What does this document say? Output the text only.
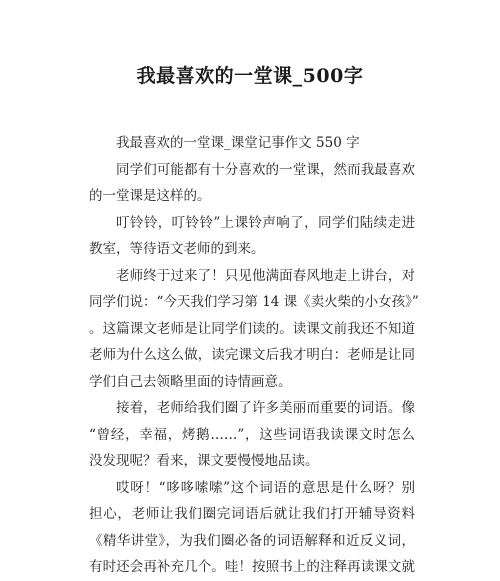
我最喜欢的一堂课_500字
我最喜欢的一堂课_课堂记事作文 550 字
同学们可能都有十分喜欢的一堂课，然而我最喜欢
的一堂课是这样的。
叮铃铃，叮铃铃”上课铃声响了，同学们陆续走进
教室，等待语文老师的到来。
老师终于过来了！只见他满面春风地走上讲台，对
同学们说：“今天我们学习第 14 课《卖火柴的小女孩》”
。这篇课文老师是让同学们读的。读课文前我还不知道
老师为什么这么做，读完课文后我才明白：老师是让同
学们自己去领略里面的诗情画意。
接着，老师给我们圈了许多美丽而重要的词语。像
“曾经，幸福，烤鹅……”，这些词语我读课文时怎么
没发现呢？看来，课文要慢慢地品读。
哎呀！“哆哆嗦嗦”这个词语的意思是什么呀？别
担心，老师让我们圈完词语后就让我们打开辅导资料
《精华讲堂》，为我们圈必备的词语解释和近反义词，
有时还会再补充几个。哇！按照书上的注释再读课文就
